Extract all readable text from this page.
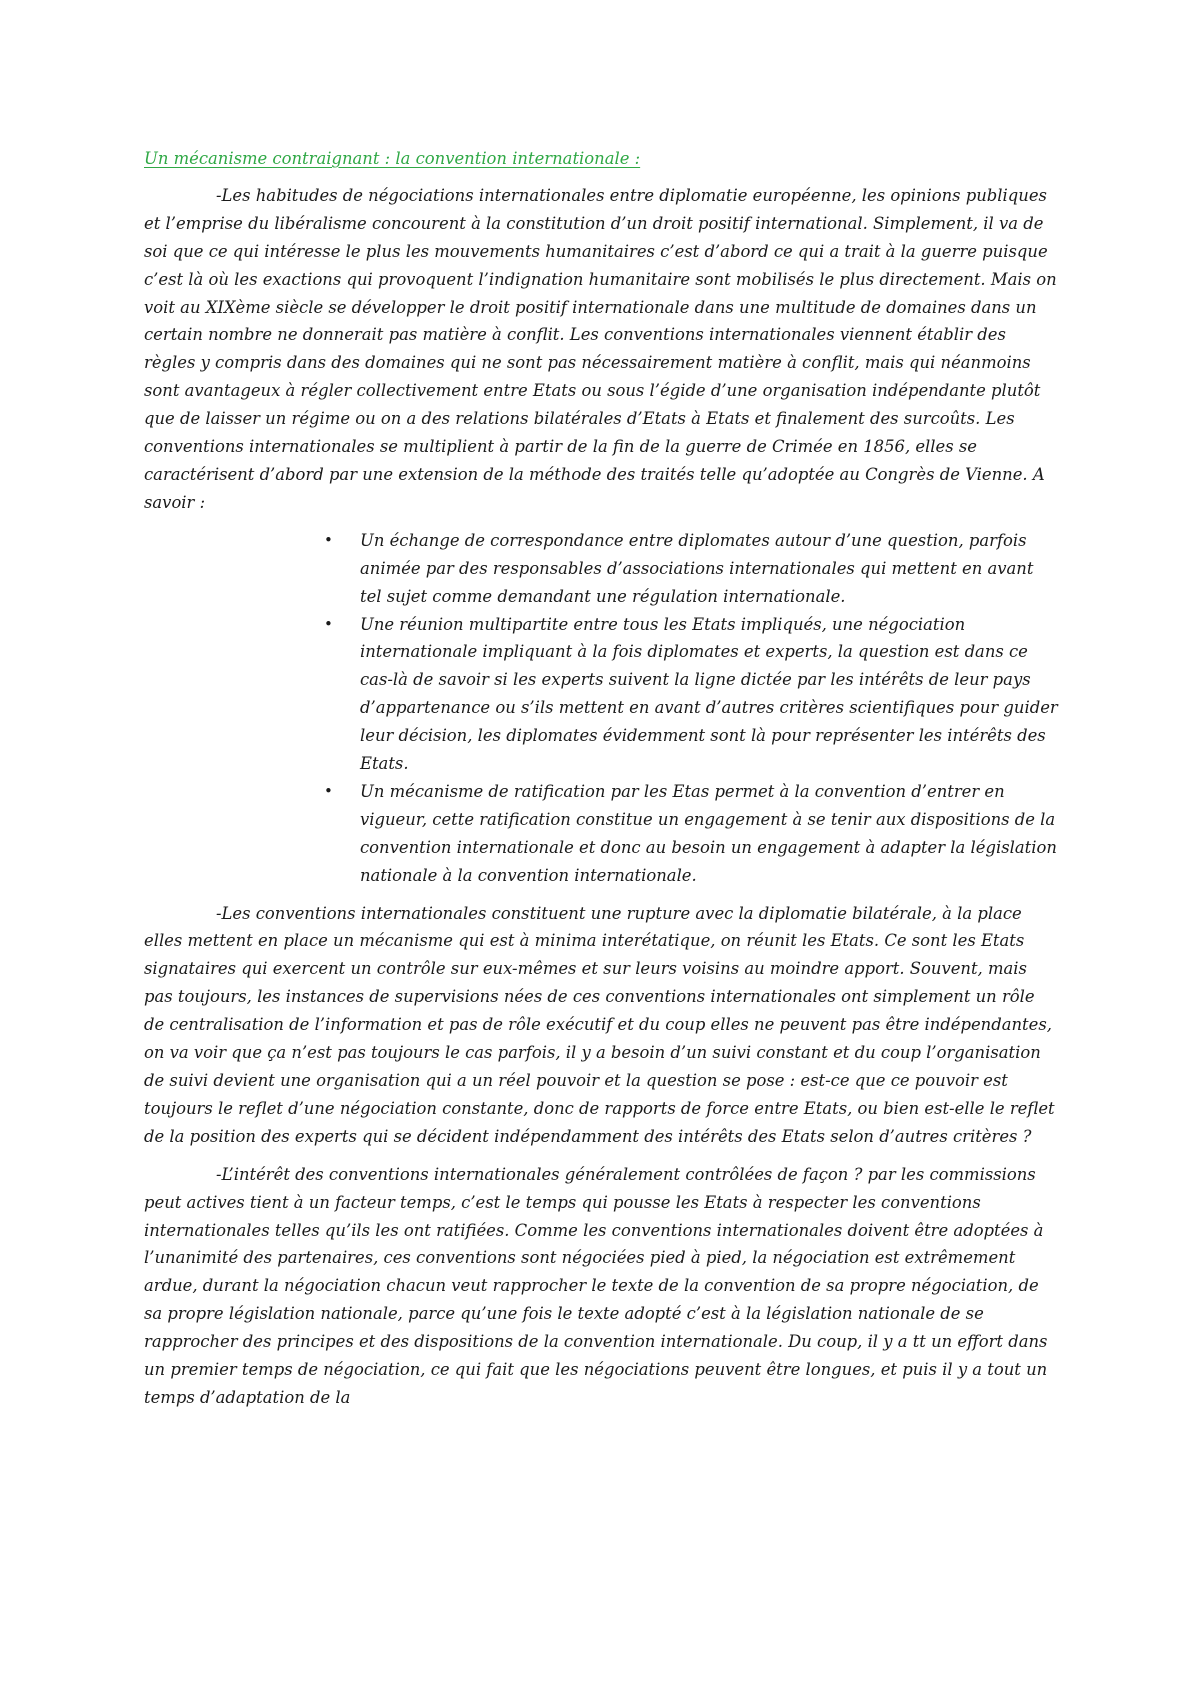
Un mécanisme contraignant : la convention internationale :

-Les habitudes de négociations internationales entre diplomatie européenne, les opinions publiques et l’emprise du libéralisme concourent à la constitution d’un droit positif international. Simplement, il va de soi que ce qui intéresse le plus les mouvements humanitaires c’est d’abord ce qui a trait à la guerre puisque c’est là où les exactions qui provoquent l’indignation humanitaire sont mobilisés le plus directement. Mais on voit au XIXème siècle se développer le droit positif internationale dans une multitude de domaines dans un certain nombre ne donnerait pas matière à conflit. Les conventions internationales viennent établir des règles y compris dans des domaines qui ne sont pas nécessairement matière à conflit, mais qui néanmoins sont avantageux à régler collectivement entre Etats ou sous l’égide d’une organisation indépendante plutôt que de laisser un régime ou on a des relations bilatérales d’Etats à Etats et finalement des surcoûts. Les conventions internationales se multiplient à partir de la fin de la guerre de Crimée en 1856, elles se caractérisent d’abord par une extension de la méthode des traités telle qu’adoptée au Congrès de Vienne. A savoir :

• Un échange de correspondance entre diplomates autour d’une question, parfois animée par des responsables d’associations internationales qui mettent en avant tel sujet comme demandant une régulation internationale.
• Une réunion multipartite entre tous les Etats impliqués, une négociation internationale impliquant à la fois diplomates et experts, la question est dans ce cas-là de savoir si les experts suivent la ligne dictée par les intérêts de leur pays d’appartenance ou s’ils mettent en avant d’autres critères scientifiques pour guider leur décision, les diplomates évidemment sont là pour représenter les intérêts des Etats.
• Un mécanisme de ratification par les Etas permet à la convention d’entrer en vigueur, cette ratification constitue un engagement à se tenir aux dispositions de la convention internationale et donc au besoin un engagement à adapter la législation nationale à la convention internationale.

-Les conventions internationales constituent une rupture avec la diplomatie bilatérale, à la place elles mettent en place un mécanisme qui est à minima interétatique, on réunit les Etats. Ce sont les Etats signataires qui exercent un contrôle sur eux-mêmes et sur leurs voisins au moindre apport. Souvent, mais pas toujours, les instances de supervisions nées de ces conventions internationales ont simplement un rôle de centralisation de l’information et pas de rôle exécutif et du coup elles ne peuvent pas être indépendantes, on va voir que ça n’est pas toujours le cas parfois, il y a besoin d’un suivi constant et du coup l’organisation de suivi devient une organisation qui a un réel pouvoir et la question se pose : est-ce que ce pouvoir est toujours le reflet d’une négociation constante, donc de rapports de force entre Etats, ou bien est-elle le reflet de la position des experts qui se décident indépendamment des intérêts des Etats selon d’autres critères ?

-L’intérêt des conventions internationales généralement contrôlées de façon ? par les commissions peut actives tient à un facteur temps, c’est le temps qui pousse les Etats à respecter les conventions internationales telles qu’ils les ont ratifiées. Comme les conventions internationales doivent être adoptées à l’unanimité des partenaires, ces conventions sont négociées pied à pied, la négociation est extrêmement ardue, durant la négociation chacun veut rapprocher le texte de la convention de sa propre négociation, de sa propre législation nationale, parce qu’une fois le texte adopté c’est à la législation nationale de se rapprocher des principes et des dispositions de la convention internationale. Du coup, il y a tt un effort dans un premier temps de négociation, ce qui fait que les négociations peuvent être longues, et puis il y a tout un temps d’adaptation de la
